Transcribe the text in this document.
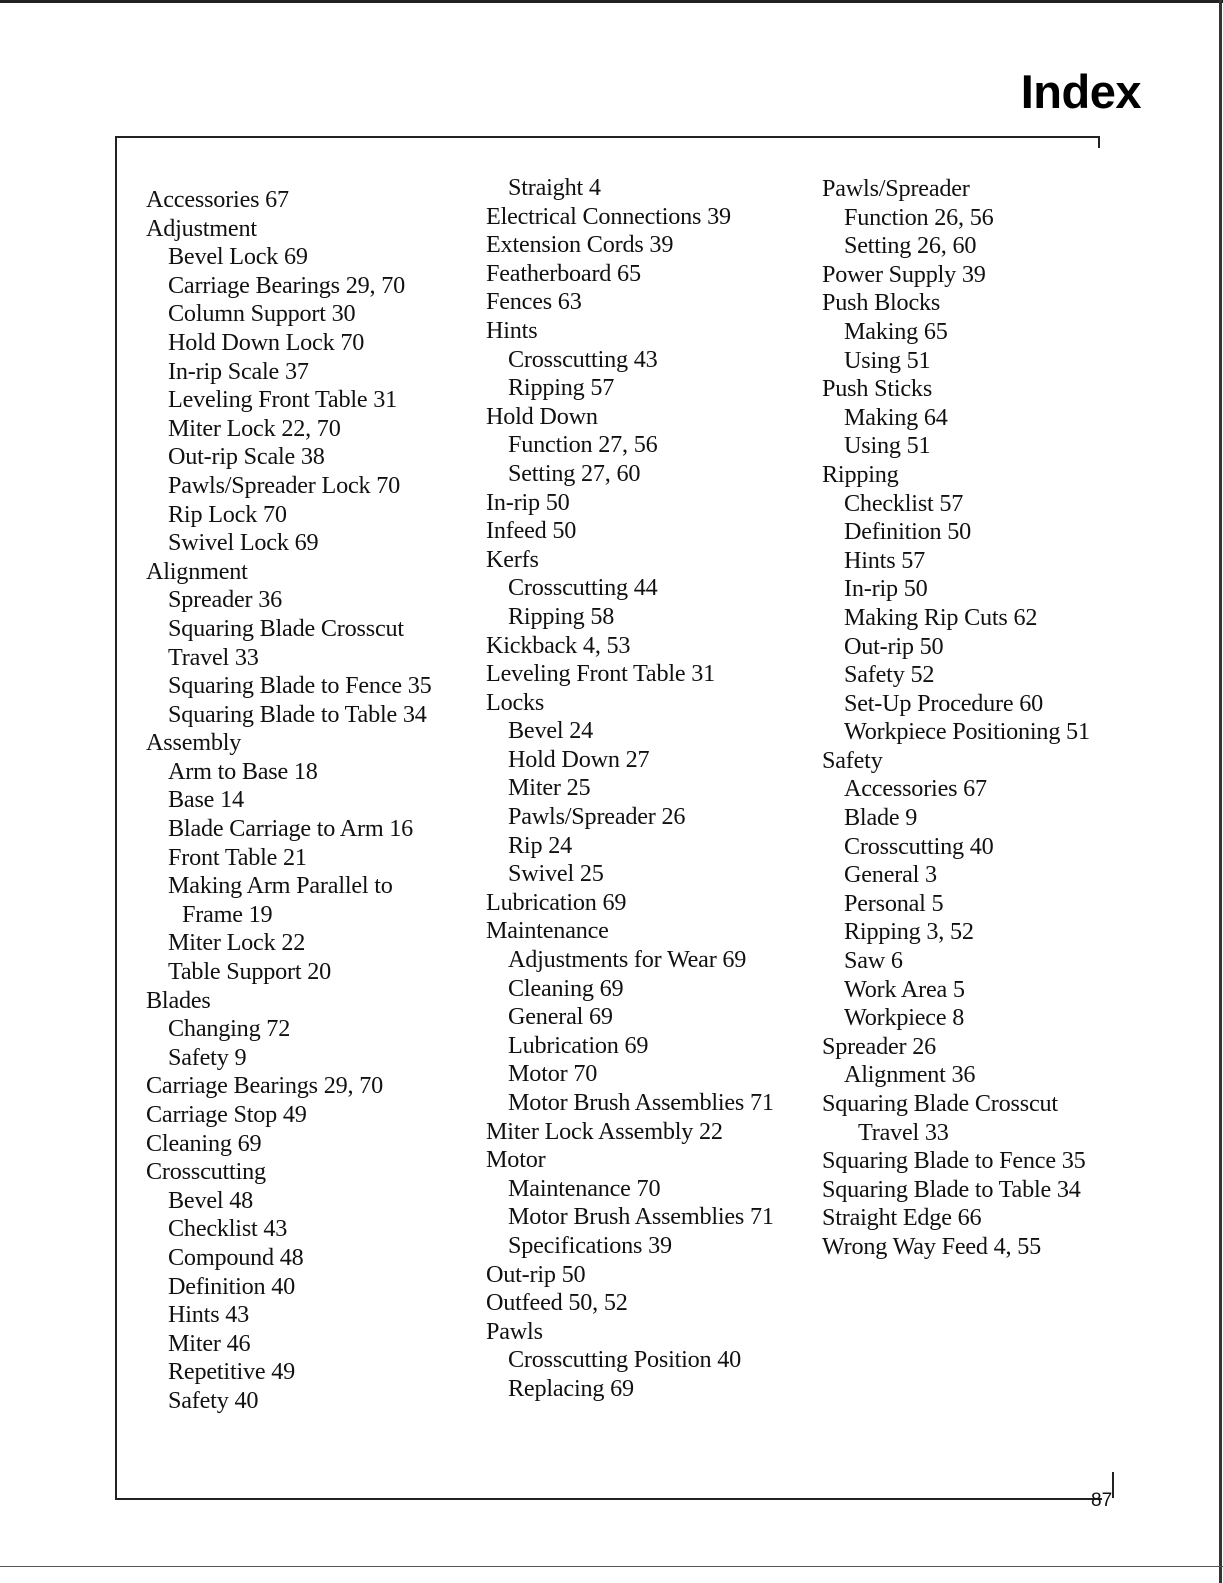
Index
Accessories 67
Adjustment
Bevel Lock 69
Carriage Bearings 29, 70
Column Support 30
Hold Down Lock 70
In-rip Scale 37
Leveling Front Table 31
Miter Lock 22, 70
Out-rip Scale 38
Pawls/Spreader Lock 70
Rip Lock 70
Swivel Lock 69
Alignment
Spreader 36
Squaring Blade Crosscut
Travel 33
Squaring Blade to Fence 35
Squaring Blade to Table 34
Assembly
Arm to Base 18
Base 14
Blade Carriage to Arm 16
Front Table 21
Making Arm Parallel to
Frame 19
Miter Lock 22
Table Support 20
Blades
Changing 72
Safety 9
Carriage Bearings 29, 70
Carriage Stop 49
Cleaning 69
Crosscutting
Bevel 48
Checklist 43
Compound 48
Definition 40
Hints 43
Miter 46
Repetitive 49
Safety 40
Straight 4
Electrical Connections 39
Extension Cords 39
Featherboard 65
Fences 63
Hints
Crosscutting 43
Ripping 57
Hold Down
Function 27, 56
Setting 27, 60
In-rip 50
Infeed 50
Kerfs
Crosscutting 44
Ripping 58
Kickback 4, 53
Leveling Front Table 31
Locks
Bevel 24
Hold Down 27
Miter 25
Pawls/Spreader 26
Rip 24
Swivel 25
Lubrication 69
Maintenance
Adjustments for Wear 69
Cleaning 69
General 69
Lubrication 69
Motor 70
Motor Brush Assemblies 71
Miter Lock Assembly 22
Motor
Maintenance 70
Motor Brush Assemblies 71
Specifications 39
Out-rip 50
Outfeed 50, 52
Pawls
Crosscutting Position 40
Replacing 69
Pawls/Spreader
Function 26, 56
Setting 26, 60
Power Supply 39
Push Blocks
Making 65
Using 51
Push Sticks
Making 64
Using 51
Ripping
Checklist 57
Definition 50
Hints 57
In-rip 50
Making Rip Cuts 62
Out-rip 50
Safety 52
Set-Up Procedure 60
Workpiece Positioning 51
Safety
Accessories 67
Blade 9
Crosscutting 40
General 3
Personal 5
Ripping 3, 52
Saw 6
Work Area 5
Workpiece 8
Spreader 26
Alignment 36
Squaring Blade Crosscut
Travel 33
Squaring Blade to Fence 35
Squaring Blade to Table 34
Straight Edge 66
Wrong Way Feed 4, 55
87
